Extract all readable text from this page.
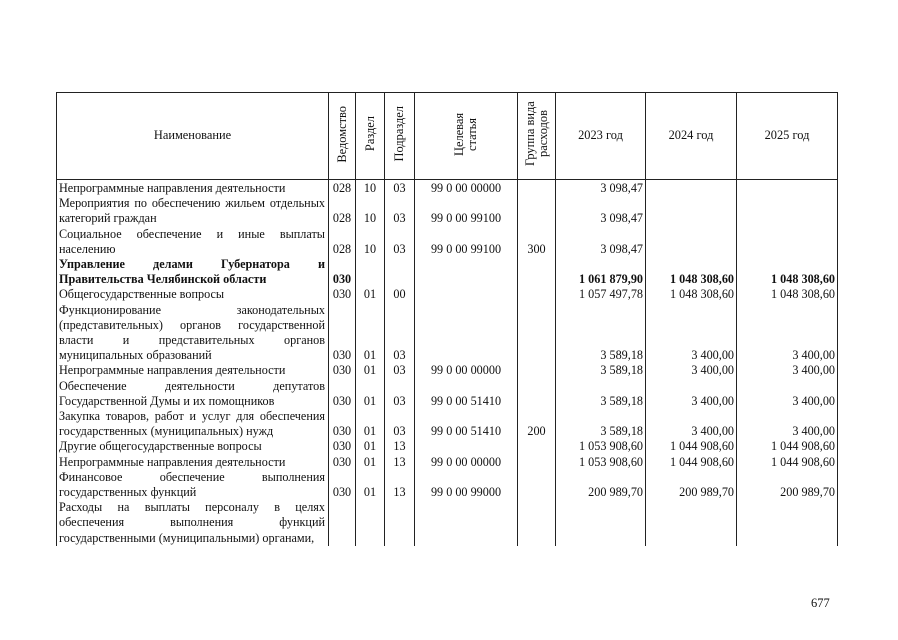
Наименование	Ведомство	Раздел	Подраздел	Целевая статья	Группа вида расходов	2023 год	2024 год	2025 год
Непрограммные направления деятельности	028	10	03	99 0 00 00000		3 098,47		
Мероприятия по обеспечению жильем отдельных категорий граждан	028	10	03	99 0 00 99100		3 098,47		
Социальное обеспечение и иные выплаты населению	028	10	03	99 0 00 99100	300	3 098,47		
Управление делами Губернатора и Правительства Челябинской области	030					1 061 879,90	1 048 308,60	1 048 308,60
Общегосударственные вопросы	030	01	00			1 057 497,78	1 048 308,60	1 048 308,60
Функционирование законодательных (представительных) органов государственной власти и представительных органов муниципальных образований	030	01	03			3 589,18	3 400,00	3 400,00
Непрограммные направления деятельности	030	01	03	99 0 00 00000		3 589,18	3 400,00	3 400,00
Обеспечение деятельности депутатов Государственной Думы и их помощников	030	01	03	99 0 00 51410		3 589,18	3 400,00	3 400,00
Закупка товаров, работ и услуг для обеспечения государственных (муниципальных) нужд	030	01	03	99 0 00 51410	200	3 589,18	3 400,00	3 400,00
Другие общегосударственные вопросы	030	01	13			1 053 908,60	1 044 908,60	1 044 908,60
Непрограммные направления деятельности	030	01	13	99 0 00 00000		1 053 908,60	1 044 908,60	1 044 908,60
Финансовое обеспечение выполнения государственных функций	030	01	13	99 0 00 99000		200 989,70	200 989,70	200 989,70
Расходы на выплаты персоналу в целях обеспечения выполнения функций государственными (муниципальными) органами,								
677
